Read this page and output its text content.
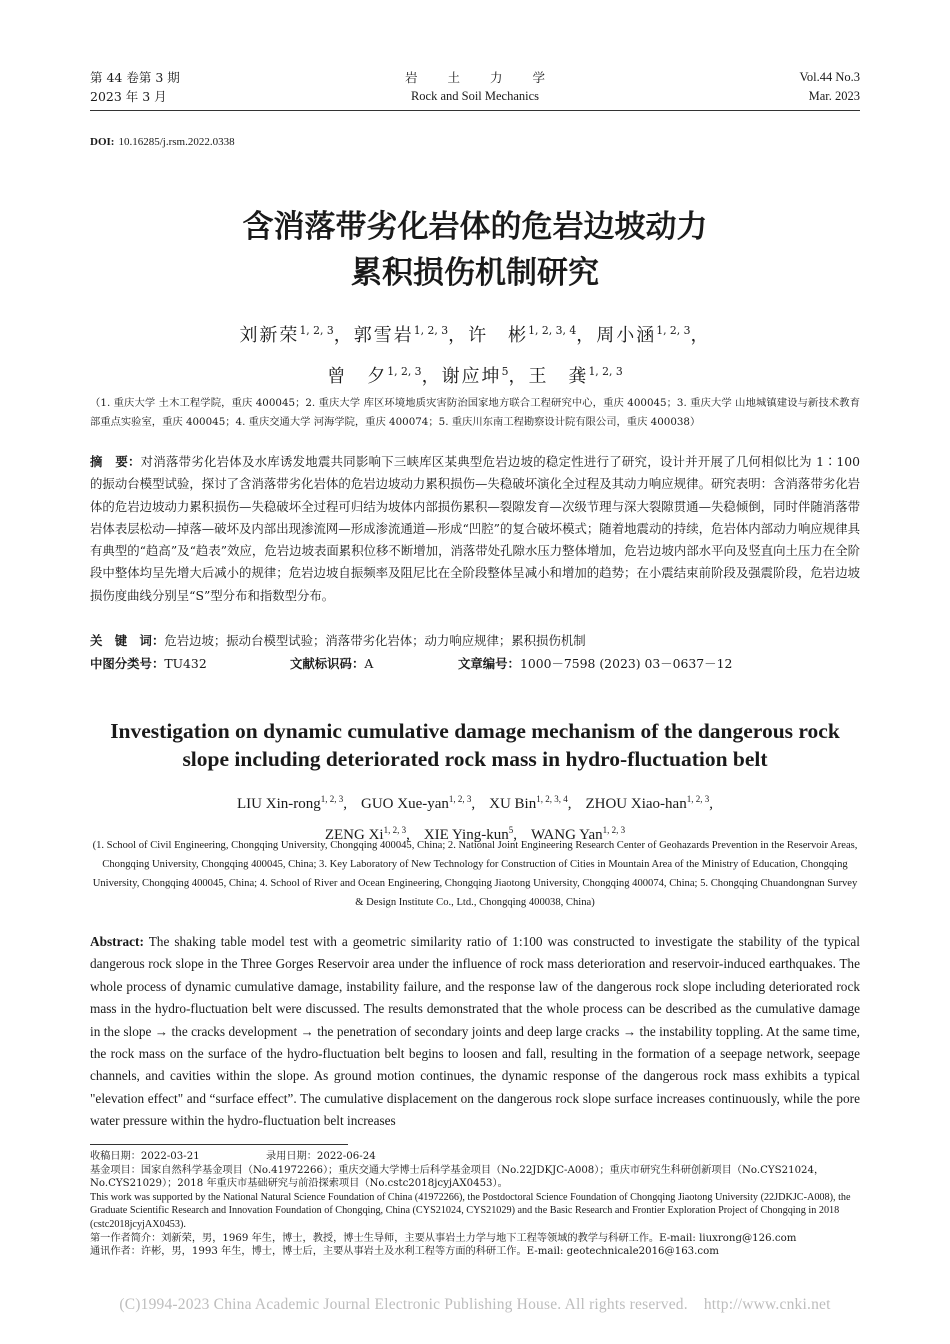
第 44 卷第 3 期
2023 年 3 月
岩土力学
Rock and Soil Mechanics
Vol.44 No.3
Mar. 2023
DOI: 10.16285/j.rsm.2022.0338
含消落带劣化岩体的危岩边坡动力
累积损伤机制研究
刘新荣$^{1, 2, 3}$，郭雪岩$^{1, 2, 3}$，许　彬$^{1, 2, 3, 4}$，周小涵$^{1, 2, 3}$，
曾　夕$^{1, 2, 3}$，谢应坤$^5$，王　龚$^{1, 2, 3}$
（1. 重庆大学 土木工程学院，重庆 400045；2. 重庆大学 库区环境地质灾害防治国家地方联合工程研究中心，重庆 400045；3. 重庆大学 山地城镇建设与新技术教育部重点实验室，重庆 400045；4. 重庆交通大学 河海学院，重庆 400074；5. 重庆川东南工程勘察设计院有限公司，重庆 400038）
摘　要：对消落带劣化岩体及水库诱发地震共同影响下三峡库区某典型危岩边坡的稳定性进行了研究，设计并开展了几何相似比为 1∶100 的振动台模型试验，探讨了含消落带劣化岩体的危岩边坡动力累积损伤—失稳破坏演化全过程及其动力响应规律。研究表明：含消落带劣化岩体的危岩边坡动力累积损伤—失稳破坏全过程可归结为坡体内部损伤累积—裂隙发育—次级节理与深大裂隙贯通—失稳倾倒，同时伴随消落带岩体表层松动—掉落—破坏及内部出现渗流网—形成渗流通道—形成“凹腔”的复合破坏模式；随着地震动的持续，危岩体内部动力响应规律具有典型的“趋高”及“趋表”效应，危岩边坡表面累积位移不断增加，消落带处孔隙水压力整体增加，危岩边坡内部水平向及竖直向土压力在全阶段中整体均呈先增大后减小的规律；危岩边坡自振频率及阻尼比在全阶段整体呈减小和增加的趋势；在小震结束前阶段及强震阶段，危岩边坡损伤度曲线分别呈“S”型分布和指数型分布。
关　键　词：危岩边坡；振动台模型试验；消落带劣化岩体；动力响应规律；累积损伤机制
中图分类号：TU432	文献标识码：A	文章编号：1000－7598 (2023) 03－0637－12
Investigation on dynamic cumulative damage mechanism of the dangerous rock
slope including deteriorated rock mass in hydro-fluctuation belt
LIU Xin-rong$^{1, 2, 3}$, GUO Xue-yan$^{1, 2, 3}$, XU Bin$^{1, 2, 3, 4}$, ZHOU Xiao-han$^{1, 2, 3}$,
ZENG Xi$^{1, 2, 3}$, XIE Ying-kun$^5$, WANG Yan$^{1, 2, 3}$
(1. School of Civil Engineering, Chongqing University, Chongqing 400045, China; 2. National Joint Engineering Research Center of Geohazards Prevention in the Reservoir Areas, Chongqing University, Chongqing 400045, China; 3. Key Laboratory of New Technology for Construction of Cities in Mountain Area of the Ministry of Education, Chongqing University, Chongqing 400045, China; 4. School of River and Ocean Engineering, Chongqing Jiaotong University, Chongqing 400074, China; 5. Chongqing Chuandongnan Survey & Design Institute Co., Ltd., Chongqing 400038, China)
Abstract: The shaking table model test with a geometric similarity ratio of 1:100 was constructed to investigate the stability of the typical dangerous rock slope in the Three Gorges Reservoir area under the influence of rock mass deterioration and reservoir-induced earthquakes. The whole process of dynamic cumulative damage, instability failure, and the response law of the dangerous rock slope including deteriorated rock mass in the hydro-fluctuation belt were discussed. The results demonstrated that the whole process can be described as the cumulative damage in the slope → the cracks development → the penetration of secondary joints and deep large cracks → the instability toppling. At the same time, the rock mass on the surface of the hydro-fluctuation belt begins to loosen and fall, resulting in the formation of a seepage network, seepage channels, and cavities within the slope. As ground motion continues, the dynamic response of the dangerous rock mass exhibits a typical "elevation effect" and “surface effect”. The cumulative displacement on the dangerous rock slope surface increases continuously, while the pore water pressure within the hydro-fluctuation belt increases
收稿日期：2022-03-21	录用日期：2022-06-24
基金项目：国家自然科学基金项目（No.41972266）；重庆交通大学博士后科学基金项目（No.22JDKJC-A008）；重庆市研究生科研创新项目（No.CYS21024，No.CYS21029）；2018 年重庆市基础研究与前沿探索项目（No.cstc2018jcyjAX0453）。
This work was supported by the National Natural Science Foundation of China (41972266), the Postdoctoral Science Foundation of Chongqing Jiaotong University (22JDKJC-A008), the Graduate Scientific Research and Innovation Foundation of Chongqing, China (CYS21024, CYS21029) and the Basic Research and Frontier Exploration Project of Chongqing in 2018 (cstc2018jcyjAX0453).
第一作者简介：刘新荣，男，1969 年生，博士，教授，博士生导师，主要从事岩土力学与地下工程等领域的教学与科研工作。E-mail: liuxrong@126.com
通讯作者：许彬，男，1993 年生，博士，博士后，主要从事岩土及水利工程等方面的科研工作。E-mail: geotechnicale2016@163.com
(C)1994-2023 China Academic Journal Electronic Publishing House. All rights reserved. http://www.cnki.net
